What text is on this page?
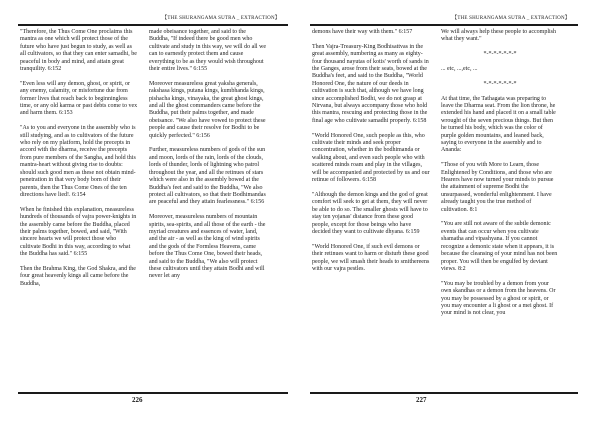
【THE SHURANGAMA SUTRA _ EXTRACTION】

"Therefore, the Thus Come One proclaims this mantra as one which will protect those of the future who have just begun to study, as well as all cultivators, so that they can enter samadhi, be peaceful in body and mind, and attain great tranquility. 6:152

"Even less will any demon, ghost, or spirit, or any enemy, calamity, or misfortune due from former lives that reach back to beginningless time, or any old karma or past debts come to vex and harm them. 6:153

"As to you and everyone in the assembly who is still studying, and as to cultivators of the future who rely on my platform, hold the precepts in accord with the dharma, receive the precepts from pure members of the Sangha, and hold this mantra-heart without giving rise to doubts: should such good men as these not obtain mind-penetration in that very body born of their parents, then the Thus Come Ones of the ten directions have lied!. 6:154

When he finished this explanation, measureless hundreds of thousands of vajra power-knights in the assembly came before the Buddha, placed their palms together, bowed, and said, "With sincere hearts we will protect those who cultivate Bodhi in this way, according to what the Buddha has said." 6:155

Then the Brahma King, the God Shakra, and the four great heavenly kings all came before the Buddha,

made obeisance together, and said to the Buddha, "If indeed there be good men who cultivate and study in this way, we will do all we can to earnestly protect them and cause everything to be as they would wish throughout their entire lives." 6:155

Moreover measureless great yaksha generals, rakshasa kings, putana kings, kumbhanda kings, pishacha kings, vinayaka, the great ghost kings, and all the ghost commanders came before the Buddha, put their palms together, and made obeisance. "We also have vowed to protect these people and cause their resolve for Bodhi to be quickly perfected." 6:156

Further, measureless numbers of gods of the sun and moon, lords of the rain, lords of the clouds, lords of thunder, lords of lightning who patrol throughout the year, and all the retinues of stars which were also in the assembly bowed at the Buddha's feet and said to the Buddha, "We also protect all cultivators, so that their Bodhimandas are peaceful and they attain fearlessness." 6:156

Moreover, measureless numbers of mountain spirits, sea-spirits, and all those of the earth - the myriad creatures and essences of water, land, and the air - as well as the king of wind spirits and the gods of the Formless Heavens, came before the Thus Come One, bowed their heads, and said to the Buddha, "We also will protect these cultivators until they attain Bodhi and will never let any

226
【THE SHURANGAMA SUTRA _ EXTRACTION】

demons have their way with them." 6:157

Then Vajra-Treasury-King Bodhisattvas in the great assembly, numbering as many as eighty-four thousand nayutas of kotis' worth of sands in the Ganges, arose from their seats, bowed at the Buddha's feet, and said to the Buddha, "World Honored One, the nature of our deeds in cultivation is such that, although we have long since accomplished Bodhi, we do not grasp at Nirvana, but always accompany those who hold this mantra, rescuing and protecting those in the final age who cultivate samadhi properly. 6:158

"World Honored One, such people as this, who cultivate their minds and seek proper concentration, whether in the bodhimanda or walking about, and even such people who with scattered minds roam and play in the villages, will be accompanied and protected by us and our retinue of followers. 6:158

"Although the demon kings and the god of great comfort will seek to get at them, they will never be able to do so. The smaller ghosts will have to stay ten yojanas' distance from these good people, except for those beings who have decided they want to cultivate dhyana. 6:159

"World Honored One, if such evil demons or their retinues want to harm or disturb these good people, we will smash their heads to smithereens with our vajra pestles.

We will always help these people to accomplish what they want."

*-*-*-*-*-*-*

... etc, ...,etc, ...

*-*-*-*-*-*-*

At that time, the Tathagata was preparing to leave the Dharma seat. From the lion throne, he extended his hand and placed it on a small table wrought of the seven precious things. But then he turned his body, which was the color of purple golden mountains, and leaned back, saying to everyone in the assembly and to Ananda:

"Those of you with More to Learn, those Enlightened by Conditions, and those who are Hearers have now turned your minds to pursue the attainment of supreme Bodhi the unsurpassed, wonderful enlightenment. I have already taught you the true method of cultivation. 8:1

"You are still not aware of the subtle demonic events that can occur when you cultivate shamatha and vipashyana. If you cannot recognize a demonic state when it appears, it is because the cleansing of your mind has not been proper. You will then be engulfed by deviant views. 8:2

"You may be troubled by a demon from your own skandhas or a demon from the heavens. Or you may be possessed by a ghost or spirit, or you may encounter a li ghost or a mei ghost. If your mind is not clear, you

227
